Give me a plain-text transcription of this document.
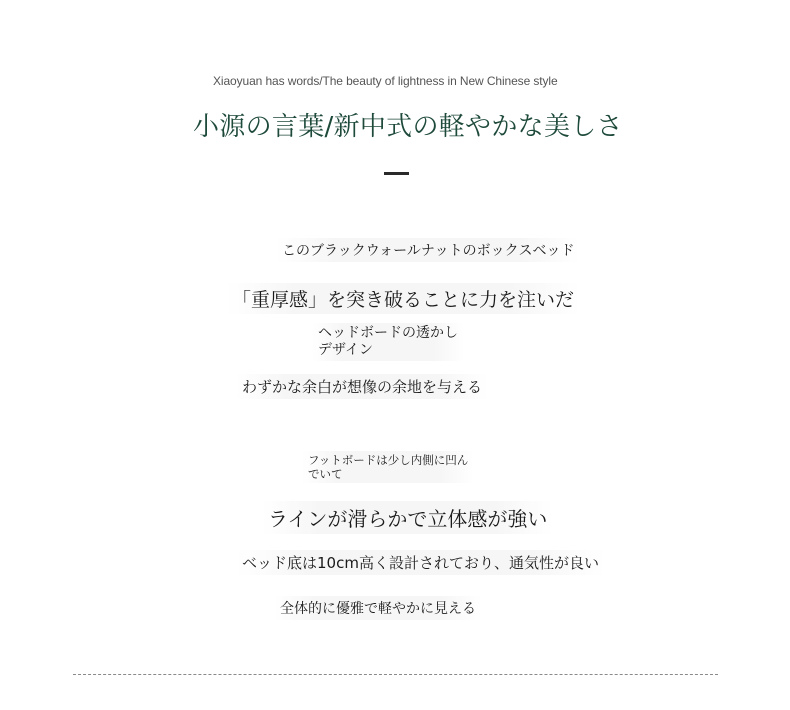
Xiaoyuan has words/The beauty of lightness in New Chinese style
小源の言葉/新中式の軽やかな美しさ
このブラックウォールナットのボックスベッド
「重厚感」を突き破ることに力を注いだ
ヘッドボードの透かし
デザイン
わずかな余白が想像の余地を与える
フットボードは少し内側に凹ん
でいて
ラインが滑らかで立体感が強い
ベッド底は10cm高く設計されており、通気性が良い
全体的に優雅で軽やかに見える
